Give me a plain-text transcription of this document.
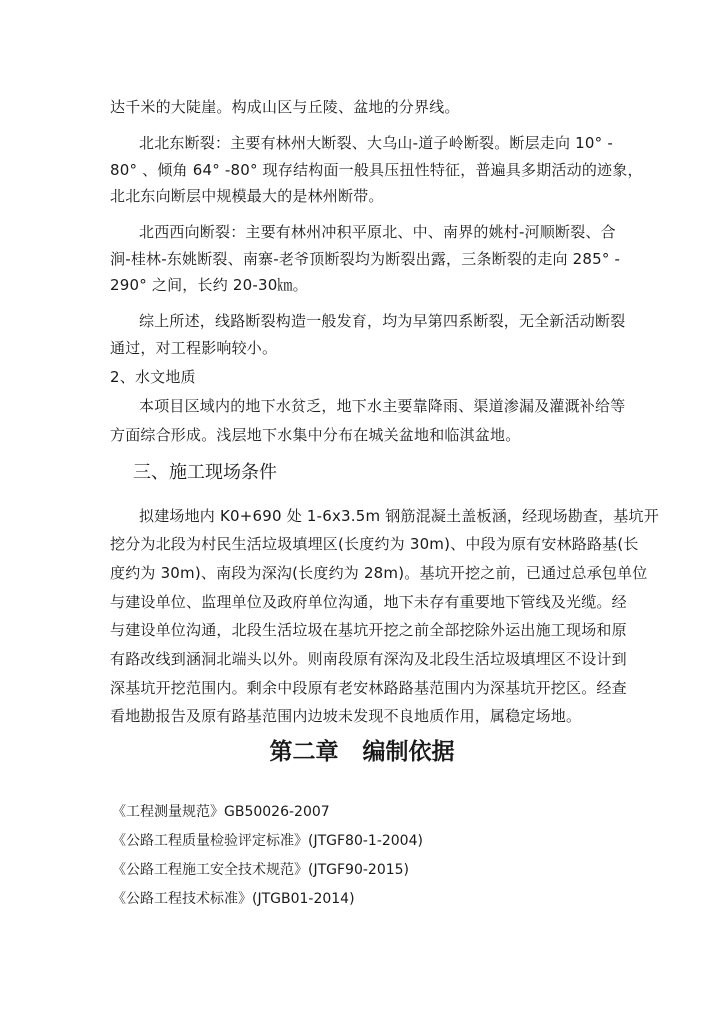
达千米的大陡崖。构成山区与丘陵、盆地的分界线。
北北东断裂：主要有林州大断裂、大乌山-道子岭断裂。断层走向 10° -
80° 、倾角 64° -80° 现存结构面一般具压扭性特征，普遍具多期活动的迹象，
北北东向断层中规模最大的是林州断带。
北西西向断裂：主要有林州冲积平原北、中、南界的姚村-河顺断裂、合
涧-桂林-东姚断裂、南寨-老爷顶断裂均为断裂出露，三条断裂的走向 285° -
290° 之间，长约 20-30㎞。
综上所述，线路断裂构造一般发育，均为早第四系断裂，无全新活动断裂
通过，对工程影响较小。
2、水文地质
本项目区域内的地下水贫乏，地下水主要靠降雨、渠道渗漏及灌溉补给等
方面综合形成。浅层地下水集中分布在城关盆地和临淇盆地。
三、施工现场条件
拟建场地内 K0+690 处 1-6x3.5m 钢筋混凝土盖板涵，经现场勘查，基坑开
挖分为北段为村民生活垃圾填埋区(长度约为 30m)、中段为原有安林路路基(长
度约为 30m)、南段为深沟(长度约为 28m)。基坑开挖之前，已通过总承包单位
与建设单位、监理单位及政府单位沟通，地下未存有重要地下管线及光缆。经
与建设单位沟通，北段生活垃圾在基坑开挖之前全部挖除外运出施工现场和原
有路改线到涵洞北端头以外。则南段原有深沟及北段生活垃圾填埋区不设计到
深基坑开挖范围内。剩余中段原有老安林路路基范围内为深基坑开挖区。经查
看地勘报告及原有路基范围内边坡未发现不良地质作用，属稳定场地。
第二章   编制依据
《工程测量规范》GB50026-2007
《公路工程质量检验评定标准》(JTGF80-1-2004)
《公路工程施工安全技术规范》(JTGF90-2015)
《公路工程技术标准》(JTGB01-2014)
